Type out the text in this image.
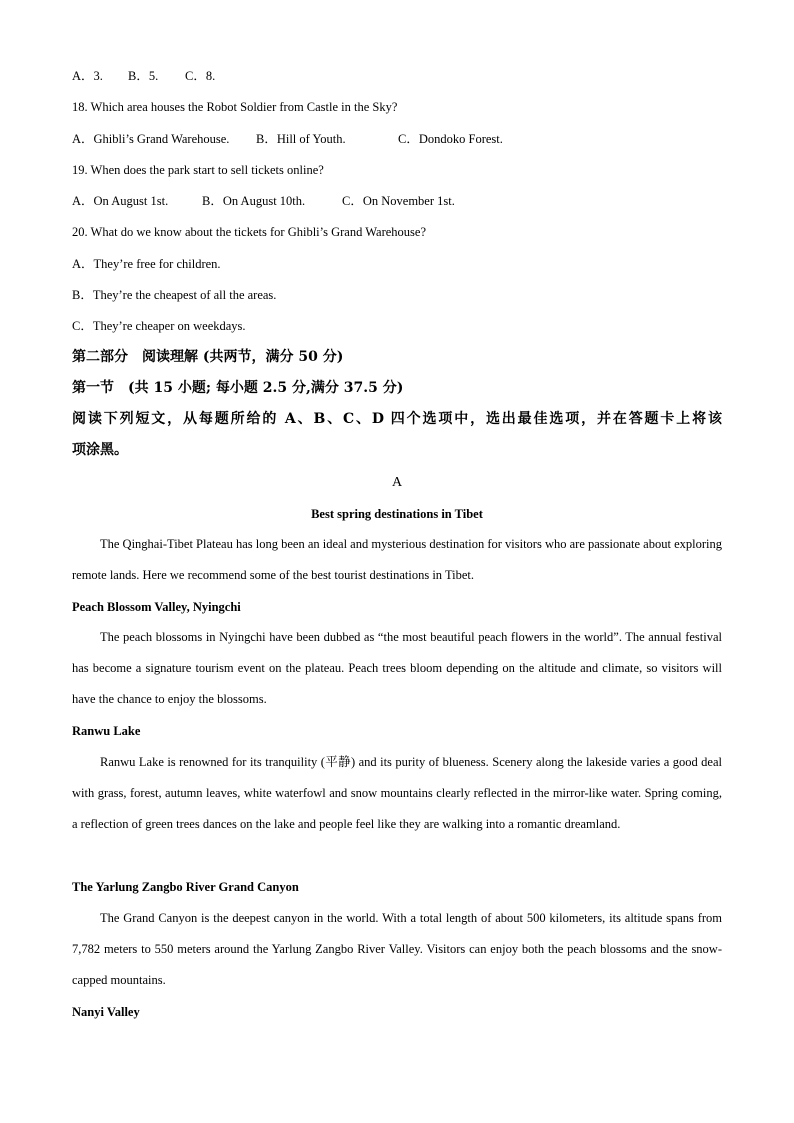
A．3. B．5. C．8.
18. Which area houses the Robot Soldier from Castle in the Sky?
A．Ghibli’s Grand Warehouse. B．Hill of Youth.	C．Dondoko Forest.
19. When does the park start to sell tickets online?
A．On August 1st.	B．On August 10th.	C．On November 1st.
20. What do we know about the tickets for Ghibli’s Grand Warehouse?
A．They’re free for children.
B．They’re the cheapest of all the areas.
C．They’re cheaper on weekdays.
第二部分　阅读理解 (共两节，满分 50 分)
第一节　(共 15 小题; 每小题 2.5 分,满分 37.5 分)
阅读下列短文，从每题所给的 A、B、C、D 四个选项中，选出最佳选项，并在答题卡上将该
项涂黑。
A
Best spring destinations in Tibet
The Qinghai-Tibet Plateau has long been an ideal and mysterious destination for visitors who are passionate about exploring remote lands. Here we recommend some of the best tourist destinations in Tibet.
Peach Blossom Valley, Nyingchi
The peach blossoms in Nyingchi have been dubbed as “the most beautiful peach flowers in the world”. The annual festival has become a signature tourism event on the plateau. Peach trees bloom depending on the altitude and climate, so visitors will have the chance to enjoy the blossoms.
Ranwu Lake
Ranwu Lake is renowned for its tranquility (平静) and its purity of blueness. Scenery along the lakeside varies a good deal with grass, forest, autumn leaves, white waterfowl and snow mountains clearly reflected in the mirror-like water. Spring coming, a reflection of green trees dances on the lake and people feel like they are walking into a romantic dreamland.
The Yarlung Zangbo River Grand Canyon
The Grand Canyon is the deepest canyon in the world. With a total length of about 500 kilometers, its altitude spans from 7,782 meters to 550 meters around the Yarlung Zangbo River Valley. Visitors can enjoy both the peach blossoms and the snow-capped mountains.
Nanyi Valley
